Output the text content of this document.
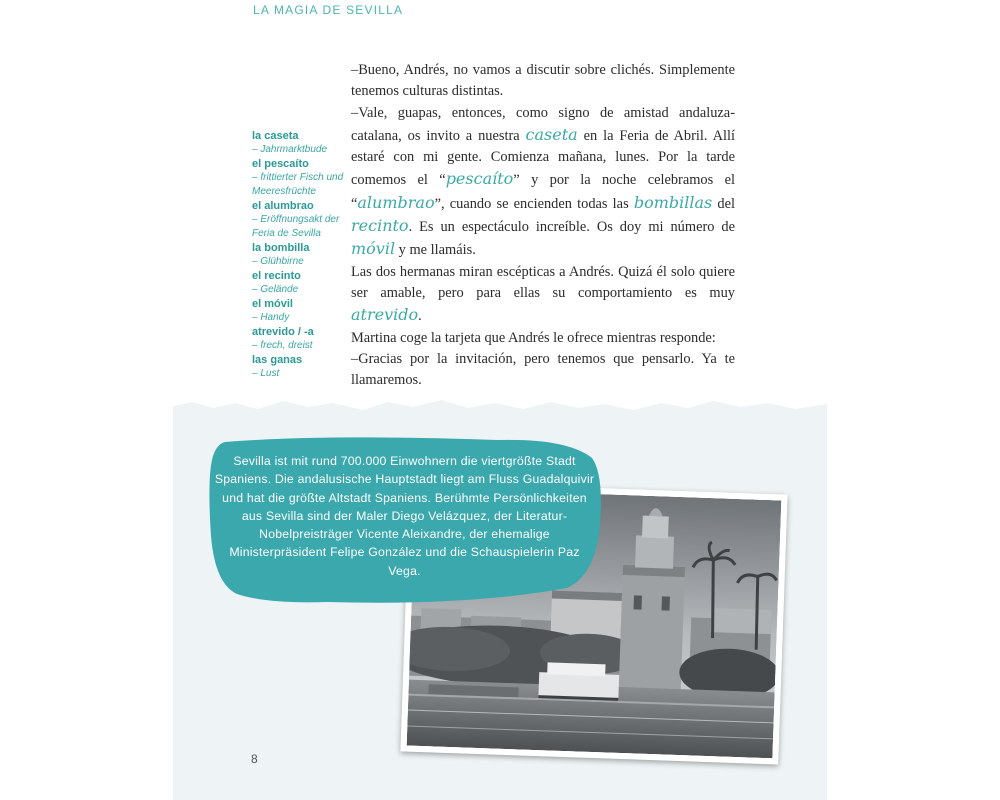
LA MAGIA DE SEVILLA
la caseta
– Jahrmarktbude
el pescaíto
– frittierter Fisch und Meeresfrüchte
el alumbrao
– Eröffnungsakt der Feria de Sevilla
la bombilla
– Glühbirne
el recinto
– Gelände
el móvil
– Handy
atrevido / -a
– frech, dreist
las ganas
– Lust

–Bueno, Andrés, no vamos a discutir sobre clichés. Simplemente tenemos culturas distintas.

–Vale, guapas, entonces, como signo de amistad andaluza-catalana, os invito a nuestra caseta en la Feria de Abril. Allí estaré con mi gente. Comienza mañana, lunes. Por la tarde comemos el “pescaíto” y por la noche celebramos el “alumbrao”, cuando se encienden todas las bombillas del recinto. Es un espectáculo increíble. Os doy mi número de móvil y me llamáis.

Las dos hermanas miran escépticas a Andrés. Quizá él solo quiere ser amable, pero para ellas su comportamiento es muy atrevido.

Martina coge la tarjeta que Andrés le ofrece mientras responde:

–Gracias por la invitación, pero tenemos que pensarlo. Ya te llamaremos.

Sevilla ist mit rund 700.000 Einwohnern die viertgrößte Stadt Spaniens. Die andalusische Hauptstadt liegt am Fluss Guadalquivir und hat die größte Altstadt Spaniens. Berühmte Persönlichkeiten aus Sevilla sind der Maler Diego Velázquez, der Literatur-Nobelpreisträger Vicente Aleixandre, der ehemalige Ministerpräsident Felipe González und die Schauspielerin Paz Vega.

8
